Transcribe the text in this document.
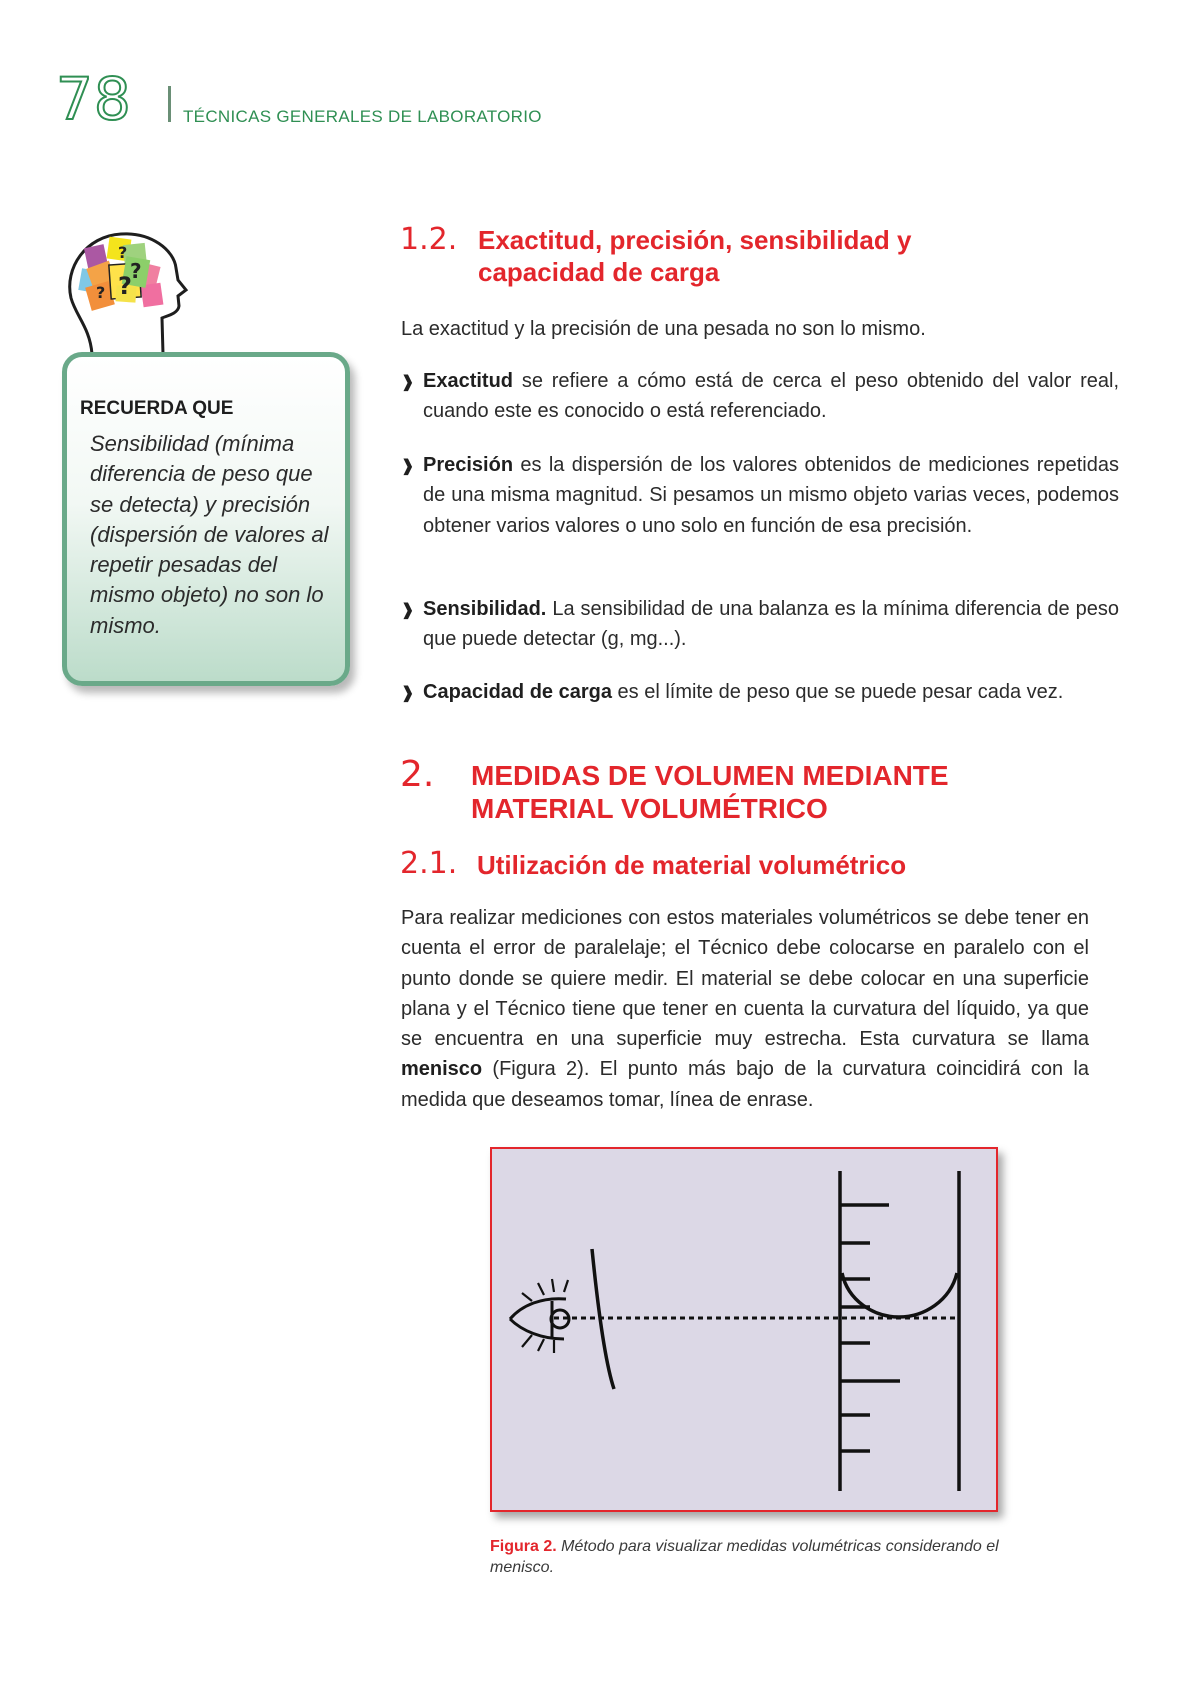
78	TÉCNICAS GENERALES DE LABORATORIO
?
?
?
?
RECUERDA QUE
Sensibilidad (mínima diferencia de peso que se detecta) y precisión (dispersión de valores al repetir pesadas del mismo objeto) no son lo mismo.
1.2. Exactitud, precisión, sensibilidad y
capacidad de carga
La exactitud y la precisión de una pesada no son lo mismo.
❱ Exactitud se refiere a cómo está de cerca el peso obtenido del valor real, cuando este es conocido o está referenciado.
❱ Precisión es la dispersión de los valores obtenidos de mediciones repetidas de una misma magnitud. Si pesamos un mismo objeto varias veces, podemos obtener varios valores o uno solo en función de esa precisión.
❱ Sensibilidad. La sensibilidad de una balanza es la mínima diferencia de peso que puede detectar (g, mg...).
❱ Capacidad de carga es el límite de peso que se puede pesar cada vez.
2. MEDIDAS DE VOLUMEN MEDIANTE
MATERIAL VOLUMÉTRICO
2.1. Utilización de material volumétrico
Para realizar mediciones con estos materiales volumétricos se debe tener en cuenta el error de paralelaje; el Técnico debe colocarse en paralelo con el punto donde se quiere medir. El material se debe colocar en una superficie plana y el Técnico tiene que tener en cuenta la curvatura del líquido, ya que se encuentra en una superficie muy estrecha. Esta curvatura se llama menisco (Figura 2). El punto más bajo de la curvatura coincidirá con la medida que deseamos tomar, línea de enrase.
Figura 2. Método para visualizar medidas volumétricas considerando el menisco.
